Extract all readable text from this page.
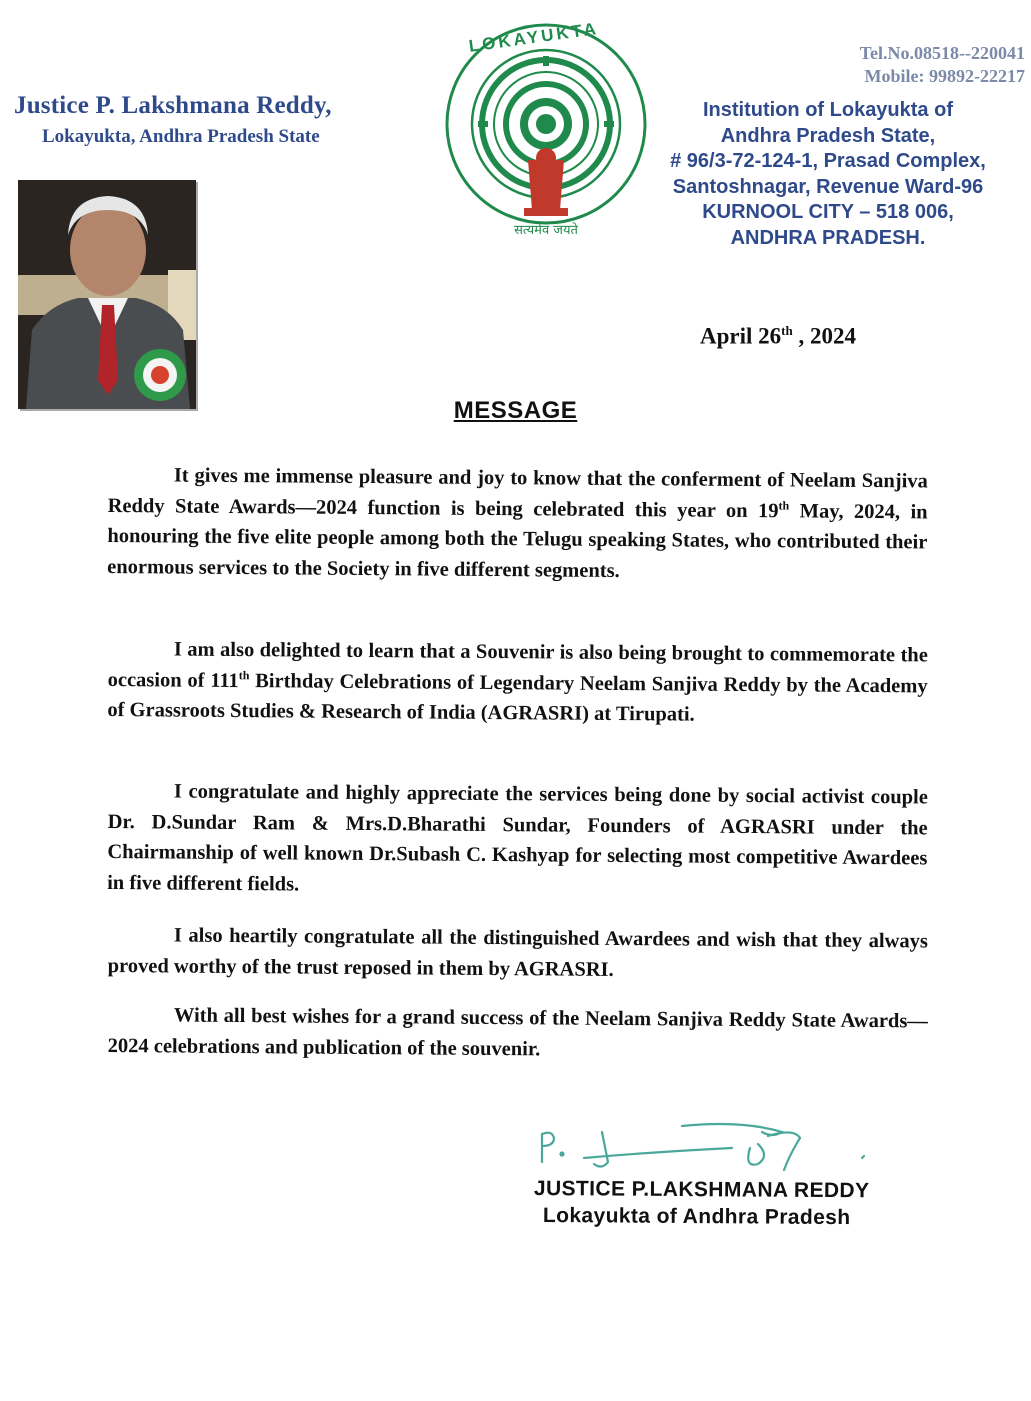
Justice P. Lakshmana Reddy,
Lokayukta, Andhra Pradesh State
LOKAYUKTA
सत्यमेव जयते
Tel.No.08518--220041
Mobile: 99892-22217
Institution of Lokayukta of
Andhra Pradesh State,
# 96/3-72-124-1, Prasad Complex,
Santoshnagar, Revenue Ward-96
KURNOOL CITY – 518 006,
ANDHRA PRADESH.
April 26th , 2024
MESSAGE
It gives me immense pleasure and joy to know that the conferment of Neelam Sanjiva Reddy State Awards—2024 function is being celebrated this year on 19th May, 2024, in honouring the five elite people among both the Telugu speaking States, who contributed their enormous services to the Society in five different segments.
I am also delighted to learn that a Souvenir is also being brought to commemorate the occasion of 111th Birthday Celebrations of Legendary Neelam Sanjiva Reddy by the Academy of Grassroots Studies & Research of India (AGRASRI) at Tirupati.
I congratulate and highly appreciate the services being done by social activist couple Dr. D.Sundar Ram & Mrs.D.Bharathi Sundar, Founders of AGRASRI under the Chairmanship of well known Dr.Subash C. Kashyap for selecting most competitive Awardees in five different fields.
I also heartily congratulate all the distinguished Awardees and wish that they always proved worthy of the trust reposed in them by AGRASRI.
With all best wishes for a grand success of the Neelam Sanjiva Reddy State Awards—2024 celebrations and publication of the souvenir.
JUSTICE P.LAKSHMANA REDDY
Lokayukta of Andhra Pradesh
